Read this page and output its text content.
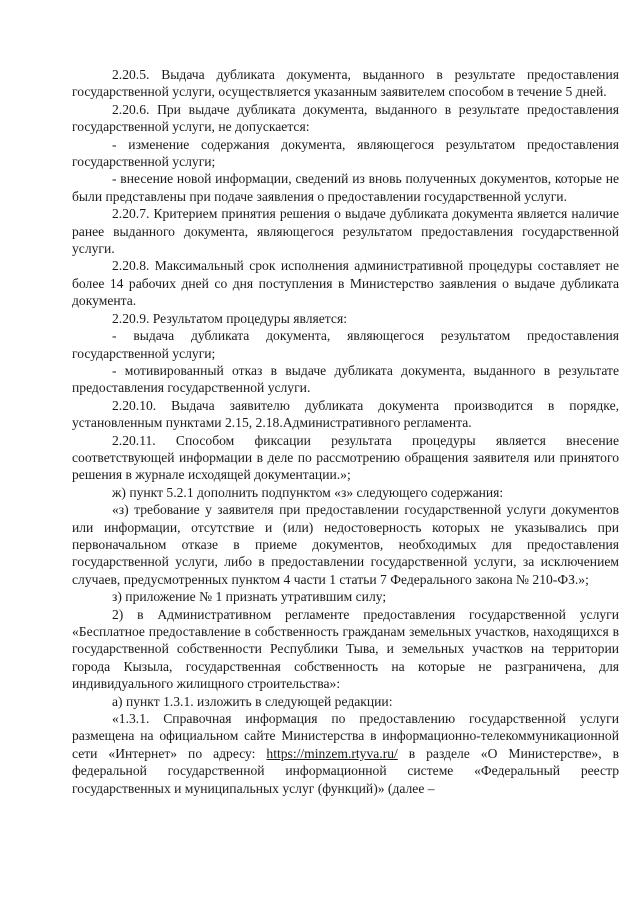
2.20.5. Выдача дубликата документа, выданного в результате предоставления государственной услуги, осуществляется указанным заявителем способом в течение 5 дней.

2.20.6. При выдаче дубликата документа, выданного в результате предоставления государственной услуги, не допускается:

- изменение содержания документа, являющегося результатом предоставления государственной услуги;

- внесение новой информации, сведений из вновь полученных документов, которые не были представлены при подаче заявления о предоставлении государственной услуги.

2.20.7. Критерием принятия решения о выдаче дубликата документа является наличие ранее выданного документа, являющегося результатом предоставления государственной услуги.

2.20.8. Максимальный срок исполнения административной процедуры составляет не более 14 рабочих дней со дня поступления в Министерство заявления о выдаче дубликата документа.

2.20.9. Результатом процедуры является:

- выдача дубликата документа, являющегося результатом предоставления государственной услуги;

- мотивированный отказ в выдаче дубликата документа, выданного в результате предоставления государственной услуги.

2.20.10. Выдача заявителю дубликата документа производится в порядке, установленным пунктами 2.15, 2.18.Административного регламента.

2.20.11. Способом фиксации результата процедуры является внесение соответствующей информации в деле по рассмотрению обращения заявителя или принятого решения в журнале исходящей документации.»;

ж) пункт 5.2.1 дополнить подпунктом «з» следующего содержания:

«з) требование у заявителя при предоставлении государственной услуги документов или информации, отсутствие и (или) недостоверность которых не указывались при первоначальном отказе в приеме документов, необходимых для предоставления государственной услуги, либо в предоставлении государственной услуги, за исключением случаев, предусмотренных пунктом 4 части 1 статьи 7 Федерального закона № 210-ФЗ.»;

з) приложение № 1 признать утратившим силу;

2) в Административном регламенте предоставления государственной услуги «Бесплатное предоставление в собственность гражданам земельных участков, находящихся в государственной собственности Республики Тыва, и земельных участков на территории города Кызыла, государственная собственность на которые не разграничена, для индивидуального жилищного строительства»:

а) пункт 1.3.1. изложить в следующей редакции:

«1.3.1. Справочная информация по предоставлению государственной услуги размещена на официальном сайте Министерства в информационно-телекоммуникационной сети «Интернет» по адресу: https://minzem.rtyva.ru/ в разделе «О Министерстве», в федеральной государственной информационной системе «Федеральный реестр государственных и муниципальных услуг (функций)» (далее –
